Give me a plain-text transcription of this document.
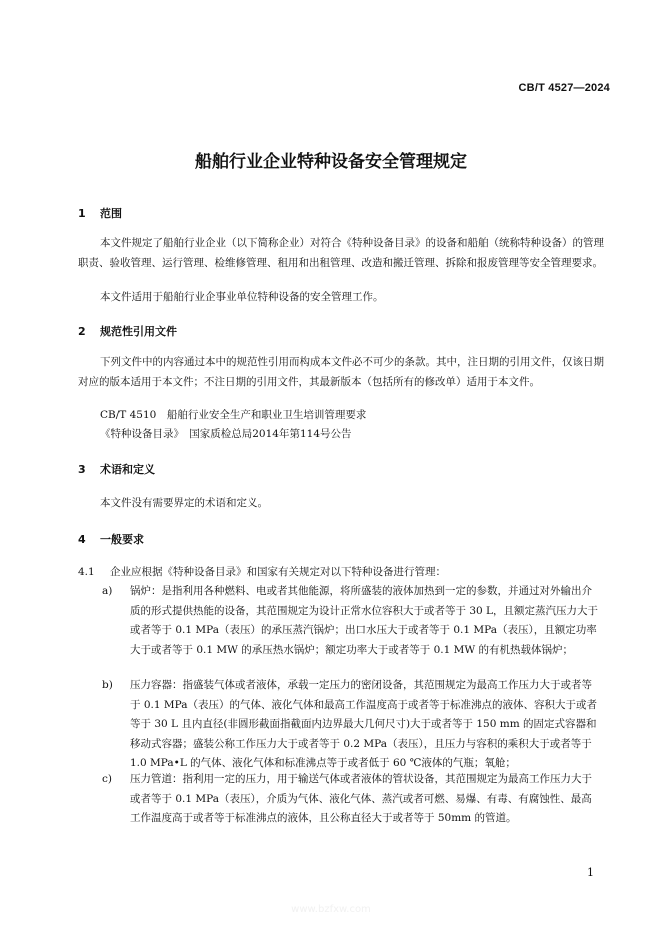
CB/T 4527—2024
船舶行业企业特种设备安全管理规定
1 范围
本文件规定了船舶行业企业（以下简称企业）对符合《特种设备目录》的设备和船舶（统称特种设备）的管理职责、验收管理、运行管理、检维修管理、租用和出租管理、改造和搬迁管理、拆除和报废管理等安全管理要求。
本文件适用于船舶行业企事业单位特种设备的安全管理工作。
2 规范性引用文件
下列文件中的内容通过本中的规范性引用而构成本文件必不可少的条款。其中，注日期的引用文件，仅该日期对应的版本适用于本文件；不注日期的引用文件，其最新版本（包括所有的修改单）适用于本文件。
CB/T 4510　船舶行业安全生产和职业卫生培训管理要求
《特种设备目录》　国家质检总局2014年第114号公告
3 术语和定义
本文件没有需要界定的术语和定义。
4 一般要求
4.1 企业应根据《特种设备目录》和国家有关规定对以下特种设备进行管理：
a) 锅炉：是指利用各种燃料、电或者其他能源，将所盛装的液体加热到一定的参数，并通过对外输出介质的形式提供热能的设备，其范围规定为设计正常水位容积大于或者等于 30 L，且额定蒸汽压力大于或者等于 0.1 MPa（表压）的承压蒸汽锅炉；出口水压大于或者等于 0.1 MPa（表压），且额定功率大于或者等于 0.1 MW 的承压热水锅炉；额定功率大于或者等于 0.1 MW 的有机热载体锅炉；
b) 压力容器：指盛装气体或者液体，承载一定压力的密闭设备，其范围规定为最高工作压力大于或者等于 0.1 MPa（表压）的气体、液化气体和最高工作温度高于或者等于标准沸点的液体、容积大于或者等于 30 L 且内直径(非圆形截面指截面内边界最大几何尺寸)大于或者等于 150 mm 的固定式容器和移动式容器；盛装公称工作压力大于或者等于 0.2 MPa（表压），且压力与容积的乘积大于或者等于 1.0 MPa•L 的气体、液化气体和标准沸点等于或者低于 60 ℃液体的气瓶；氧舱；
c) 压力管道：指利用一定的压力，用于输送气体或者液体的管状设备，其范围规定为最高工作压力大于或者等于 0.1 MPa（表压），介质为气体、液化气体、蒸汽或者可燃、易爆、有毒、有腐蚀性、最高工作温度高于或者等于标准沸点的液体，且公称直径大于或者等于 50mm 的管道。
1
www.bzfxw.com
